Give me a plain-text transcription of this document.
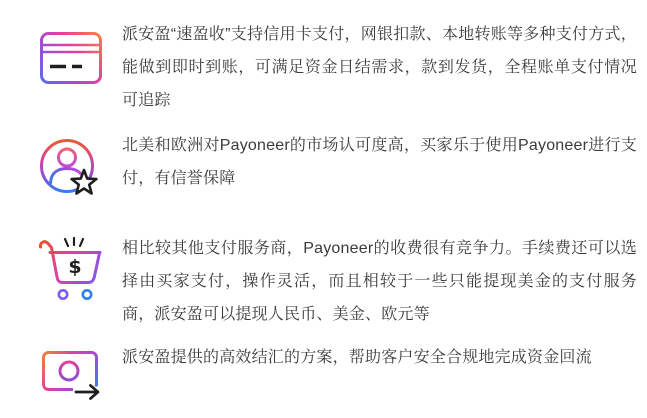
派安盈“速盈收”支持信用卡支付，网银扣款、本地转账等多种支付方式，能做到即时到账，可满足资金日结需求，款到发货，全程账单支付情况可追踪

北美和欧洲对Payoneer的市场认可度高，买家乐于使用Payoneer进行支付，有信誉保障

$

相比较其他支付服务商，Payoneer的收费很有竞争力。手续费还可以选择由买家支付，操作灵活，而且相较于一些只能提现美金的支付服务商，派安盈可以提现人民币、美金、欧元等

派安盈提供的高效结汇的方案，帮助客户安全合规地完成资金回流
